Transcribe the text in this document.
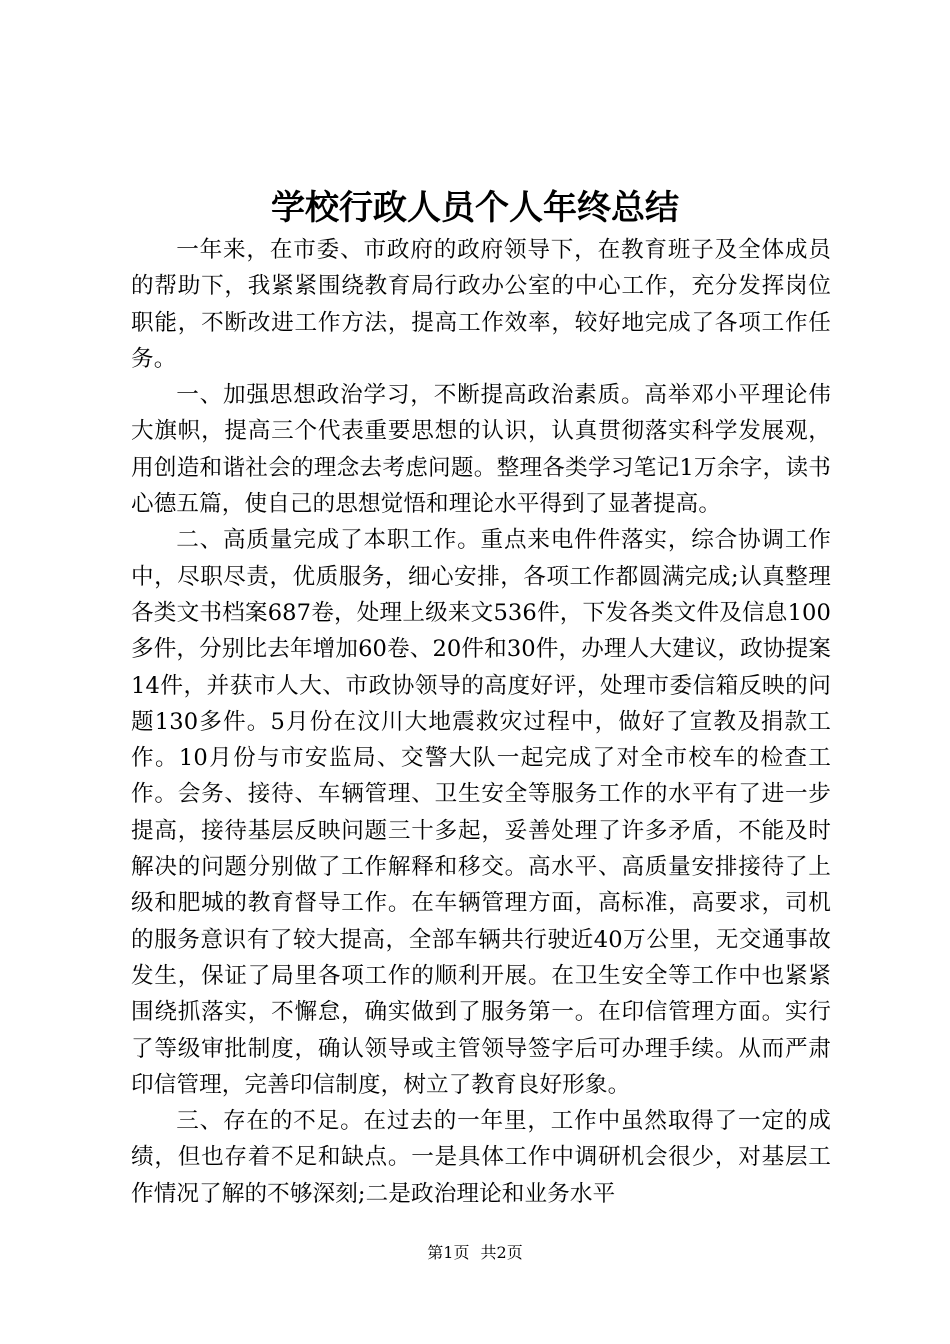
学校行政人员个人年终总结

一年来，在市委、市政府的政府领导下，在教育班子及全体成员的帮助下，我紧紧围绕教育局行政办公室的中心工作，充分发挥岗位职能，不断改进工作方法，提高工作效率，较好地完成了各项工作任务。

一、加强思想政治学习，不断提高政治素质。高举邓小平理论伟大旗帜，提高三个代表重要思想的认识，认真贯彻落实科学发展观，用创造和谐社会的理念去考虑问题。整理各类学习笔记1万余字，读书心德五篇，使自己的思想觉悟和理论水平得到了显著提高。

二、高质量完成了本职工作。重点来电件件落实，综合协调工作中，尽职尽责，优质服务，细心安排，各项工作都圆满完成;认真整理各类文书档案687卷，处理上级来文536件，下发各类文件及信息100多件，分别比去年增加60卷、20件和30件，办理人大建议，政协提案14件，并获市人大、市政协领导的高度好评，处理市委信箱反映的问题130多件。5月份在汶川大地震救灾过程中，做好了宣教及捐款工作。10月份与市安监局、交警大队一起完成了对全市校车的检查工作。会务、接待、车辆管理、卫生安全等服务工作的水平有了进一步提高，接待基层反映问题三十多起，妥善处理了许多矛盾，不能及时解决的问题分别做了工作解释和移交。高水平、高质量安排接待了上级和肥城的教育督导工作。在车辆管理方面，高标准，高要求，司机的服务意识有了较大提高，全部车辆共行驶近40万公里，无交通事故发生，保证了局里各项工作的顺利开展。在卫生安全等工作中也紧紧围绕抓落实，不懈怠，确实做到了服务第一。在印信管理方面。实行了等级审批制度，确认领导或主管领导签字后可办理手续。从而严肃印信管理，完善印信制度，树立了教育良好形象。

三、存在的不足。在过去的一年里，工作中虽然取得了一定的成绩，但也存着不足和缺点。一是具体工作中调研机会很少，对基层工作情况了解的不够深刻;二是政治理论和业务水平

第1页 共2页
